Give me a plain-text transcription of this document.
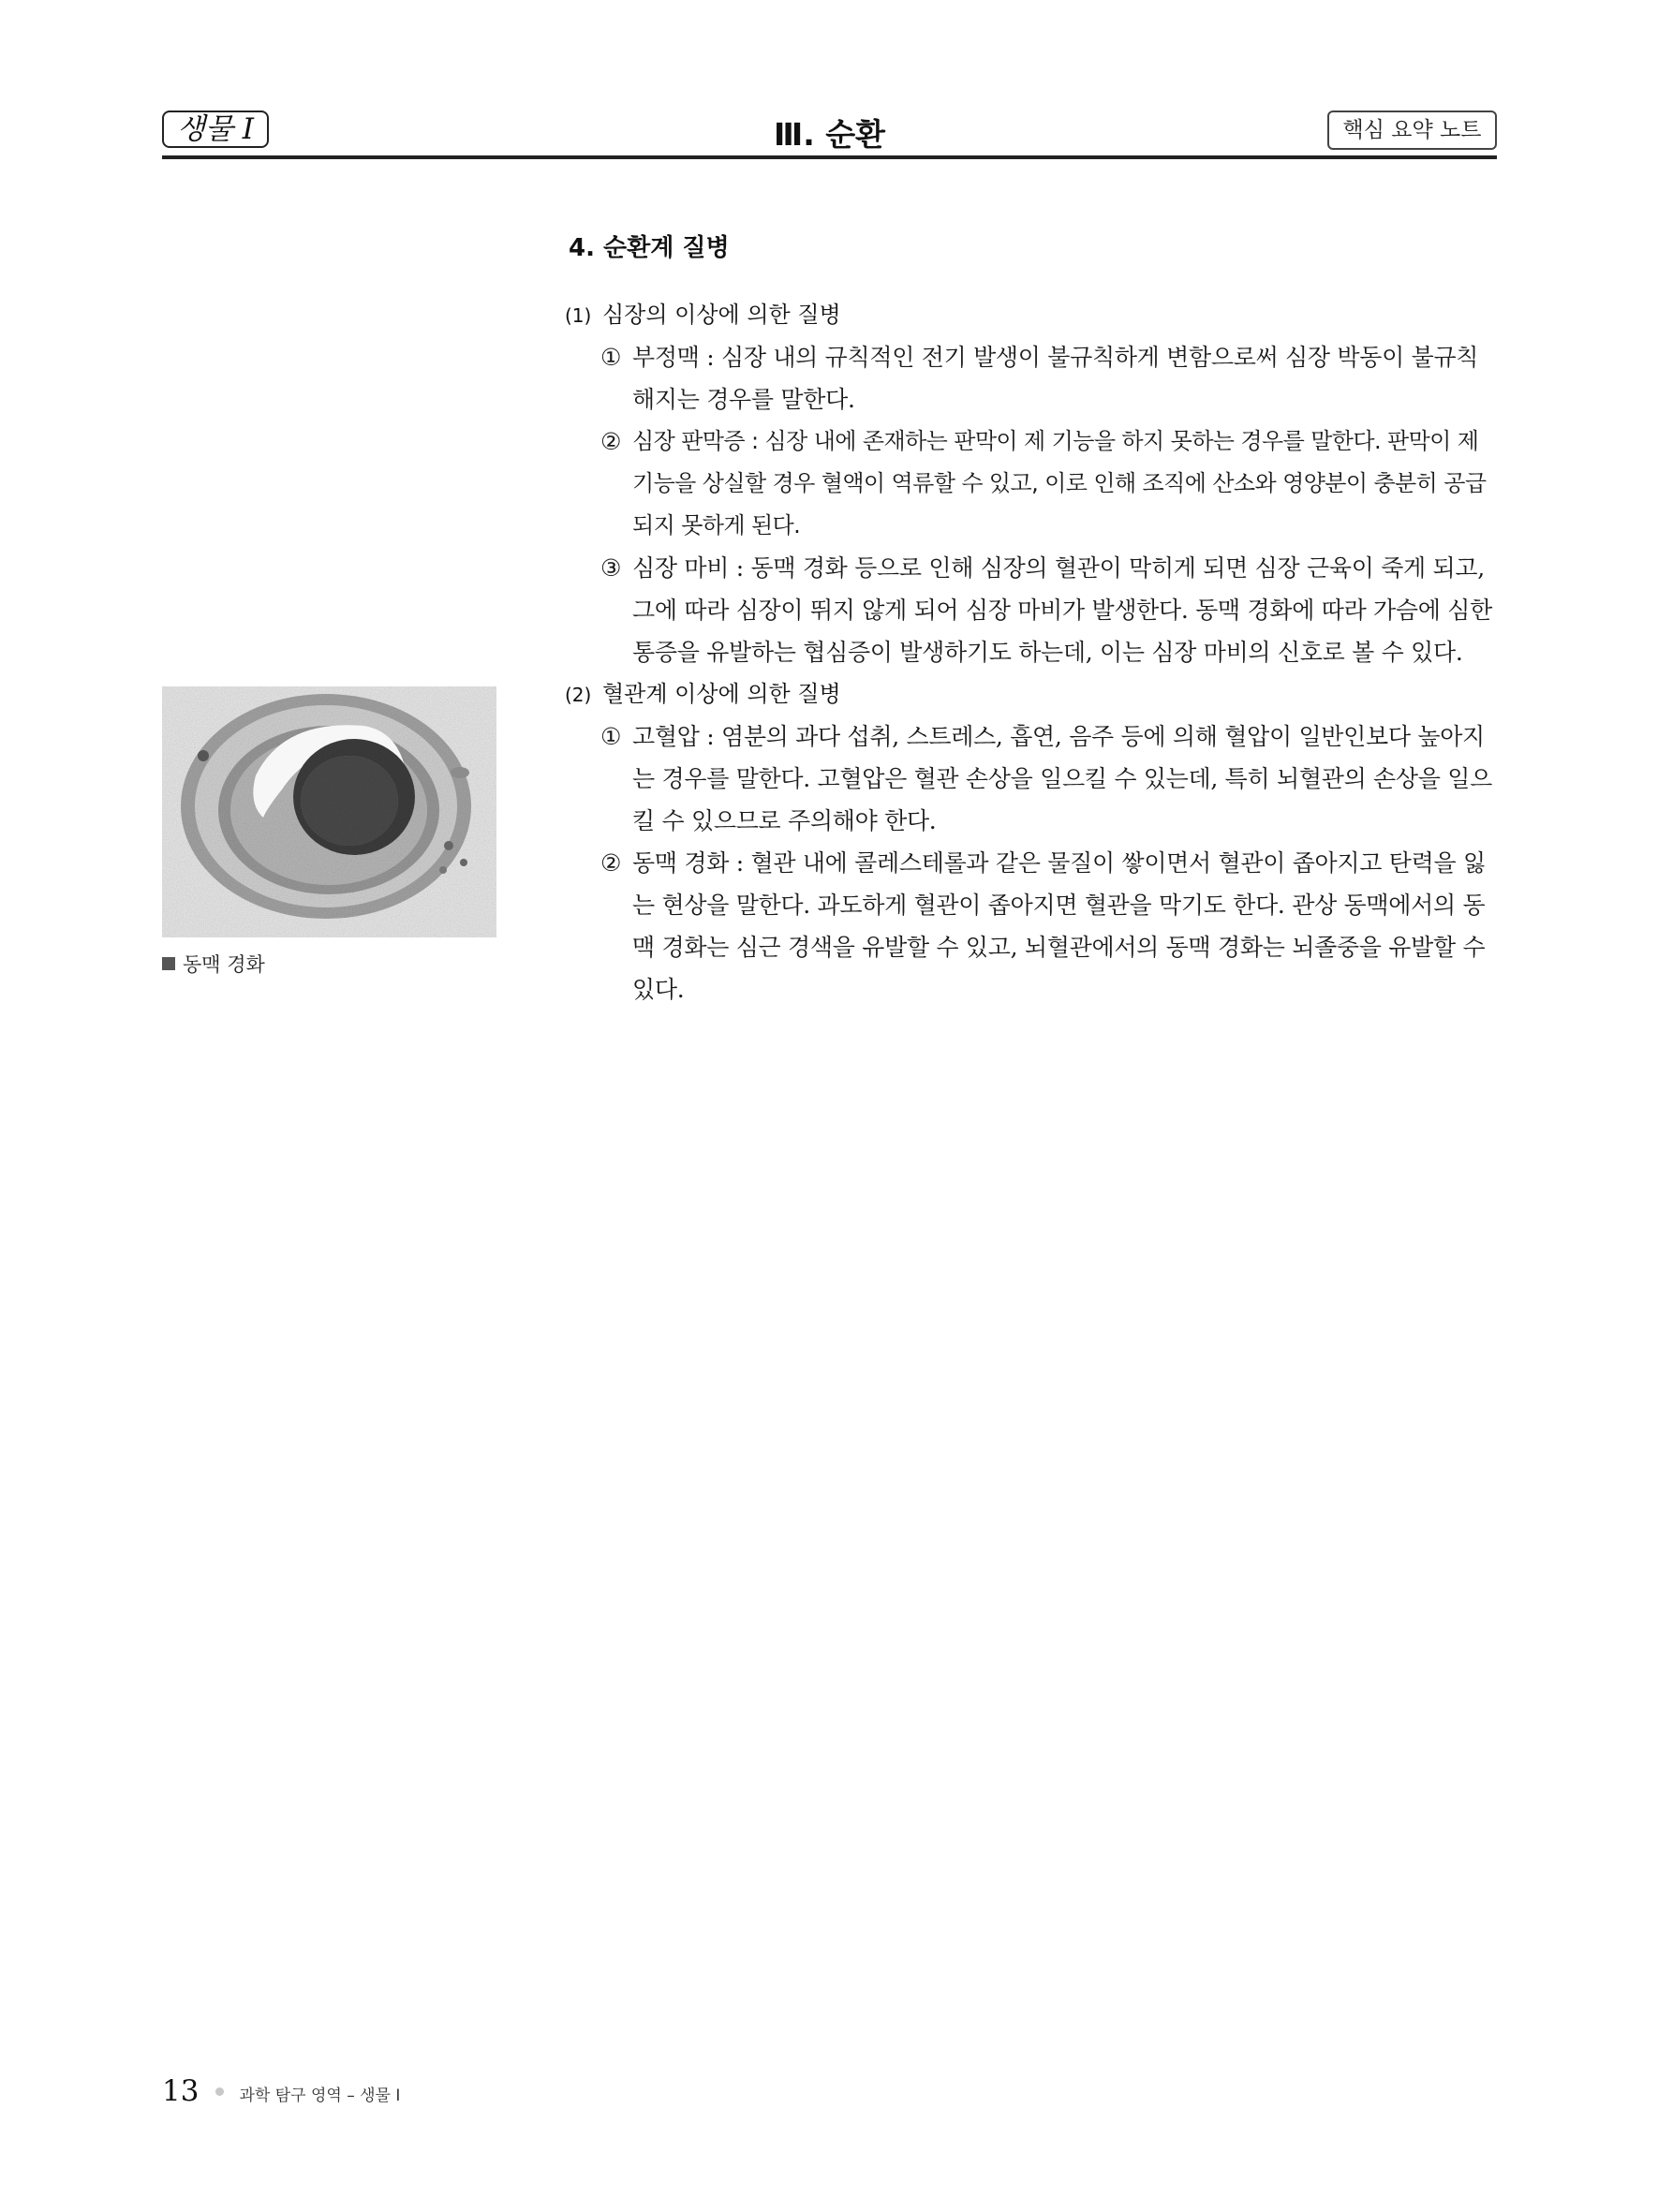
생물 I	Ⅲ. 순환	핵심 요약 노트
동맥 경화
4. 순환계 질병
(1) 심장의 이상에 의한 질병
① 부정맥 : 심장 내의 규칙적인 전기 발생이 불규칙하게 변함으로써 심장 박동이 불규칙 해지는 경우를 말한다.
② 심장 판막증 : 심장 내에 존재하는 판막이 제 기능을 하지 못하는 경우를 말한다. 판막이 제 기능을 상실할 경우 혈액이 역류할 수 있고, 이로 인해 조직에 산소와 영양분이 충분히 공급되지 못하게 된다.
③ 심장 마비 : 동맥 경화 등으로 인해 심장의 혈관이 막히게 되면 심장 근육이 죽게 되고, 그에 따라 심장이 뛰지 않게 되어 심장 마비가 발생한다. 동맥 경화에 따라 가슴에 심한 통증을 유발하는 협심증이 발생하기도 하는데, 이는 심장 마비의 신호로 볼 수 있다.
(2) 혈관계 이상에 의한 질병
① 고혈압 : 염분의 과다 섭취, 스트레스, 흡연, 음주 등에 의해 혈압이 일반인보다 높아지는 경우를 말한다. 고혈압은 혈관 손상을 일으킬 수 있는데, 특히 뇌혈관의 손상을 일으킬 수 있으므로 주의해야 한다.
② 동맥 경화 : 혈관 내에 콜레스테롤과 같은 물질이 쌓이면서 혈관이 좁아지고 탄력을 잃는 현상을 말한다. 과도하게 혈관이 좁아지면 혈관을 막기도 한다. 관상 동맥에서의 동맥 경화는 심근 경색을 유발할 수 있고, 뇌혈관에서의 동맥 경화는 뇌졸중을 유발할 수 있다.
13	과학 탐구 영역 – 생물 Ⅰ
